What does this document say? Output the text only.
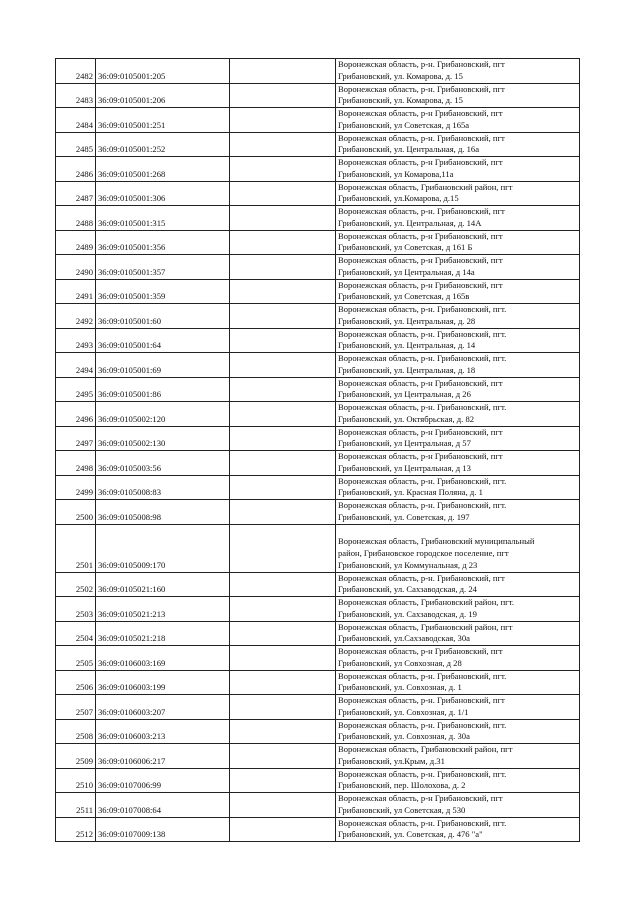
2482	36:09:0105001:205		Воронежская область, р-н. Грибановский, пгт
Грибановский, ул. Комарова, д. 15

2483	36:09:0105001:206		Воронежская область, р-н. Грибановский, пгт
Грибановский, ул. Комарова, д. 15

2484	36:09:0105001:251		Воронежская область, р-н Грибановский, пгт
Грибановский, ул Советская, д 165а

2485	36:09:0105001:252		Воронежская область, р-н. Грибановский, пгт
Грибановский, ул. Центральная, д. 16а

2486	36:09:0105001:268		Воронежская область, р-н Грибановский, пгт
Грибановский, ул Комарова,11а

2487	36:09:0105001:306		Воронежская область, Грибановский район, пгт
Грибановский, ул.Комарова, д.15

2488	36:09:0105001:315		Воронежская область, р-н. Грибановский, пгт
Грибановский, ул. Центральная, д. 14А

2489	36:09:0105001:356		Воронежская область, р-н Грибановский, пгт
Грибановский, ул Советская, д 161 Б

2490	36:09:0105001:357		Воронежская область, р-н Грибановский, пгт
Грибановский, ул Центральная, д 14а

2491	36:09:0105001:359		Воронежская область, р-н Грибановский, пгт
Грибановский, ул Советская, д 165в

2492	36:09:0105001:60		Воронежская область, р-н. Грибановский, пгт.
Грибановский, ул. Центральная, д. 28

2493	36:09:0105001:64		Воронежская область, р-н. Грибановский, пгт.
Грибановский, ул. Центральная, д. 14

2494	36:09:0105001:69		Воронежская область, р-н. Грибановский, пгт.
Грибановский, ул. Центральная, д. 18

2495	36:09:0105001:86		Воронежская область, р-н Грибановский, пгт
Грибановский, ул Центральная, д 26

2496	36:09:0105002:120		Воронежская область, р-н. Грибановский, пгт.
Грибановский, ул. Октябрьская, д. 82

2497	36:09:0105002:130		Воронежская область, р-н Грибановский, пгт
Грибановский, ул Центральная, д 57

2498	36:09:0105003:56		Воронежская область, р-н Грибановский, пгт
Грибановский, ул Центральная, д 13

2499	36:09:0105008:83		Воронежская область, р-н. Грибановский, пгт.
Грибановский, ул. Красная Поляна, д. 1

2500	36:09:0105008:98		Воронежская область, р-н. Грибановский, пгт.
Грибановский, ул. Советская, д. 197

2501	36:09:0105009:170		Воронежская область, Грибановский муниципальный
район, Грибановское городское поселение, пгт
Грибановский, ул Коммунальная, д 23

2502	36:09:0105021:160		Воронежская область, р-н. Грибановский, пгт
Грибановский, ул. Сахзаводская, д. 24

2503	36:09:0105021:213		Воронежская область, Грибановский район, пгт.
Грибановский, ул. Сахзаводская, д. 19

2504	36:09:0105021:218		Воронежская область, Грибановский район, пгт
Грибановский, ул.Сахзаводская, 30а

2505	36:09:0106003:169		Воронежская область, р-н Грибановский, пгт
Грибановский, ул Совхозная, д 28

2506	36:09:0106003:199		Воронежская область, р-н. Грибановский, пгт.
Грибановский, ул. Совхозная, д. 1

2507	36:09:0106003:207		Воронежская область, р-н. Грибановский, пгт
Грибановский, ул. Совхозная, д. 1/1

2508	36:09:0106003:213		Воронежская область, р-н. Грибановский, пгт.
Грибановский, ул. Совхозная, д. 30а

2509	36:09:0106006:217		Воронежская область, Грибановский район, пгт
Грибановский, ул.Крым, д.31

2510	36:09:0107006:99		Воронежская область, р-н. Грибановский, пгт.
Грибановский, пер. Шолохова, д. 2

2511	36:09:0107008:64		Воронежская область, р-н Грибановский, пгт
Грибановский, ул Советская, д 530

2512	36:09:0107009:138		Воронежская область, р-н. Грибановский, пгт.
Грибановский, ул. Советская, д. 476 "а"
